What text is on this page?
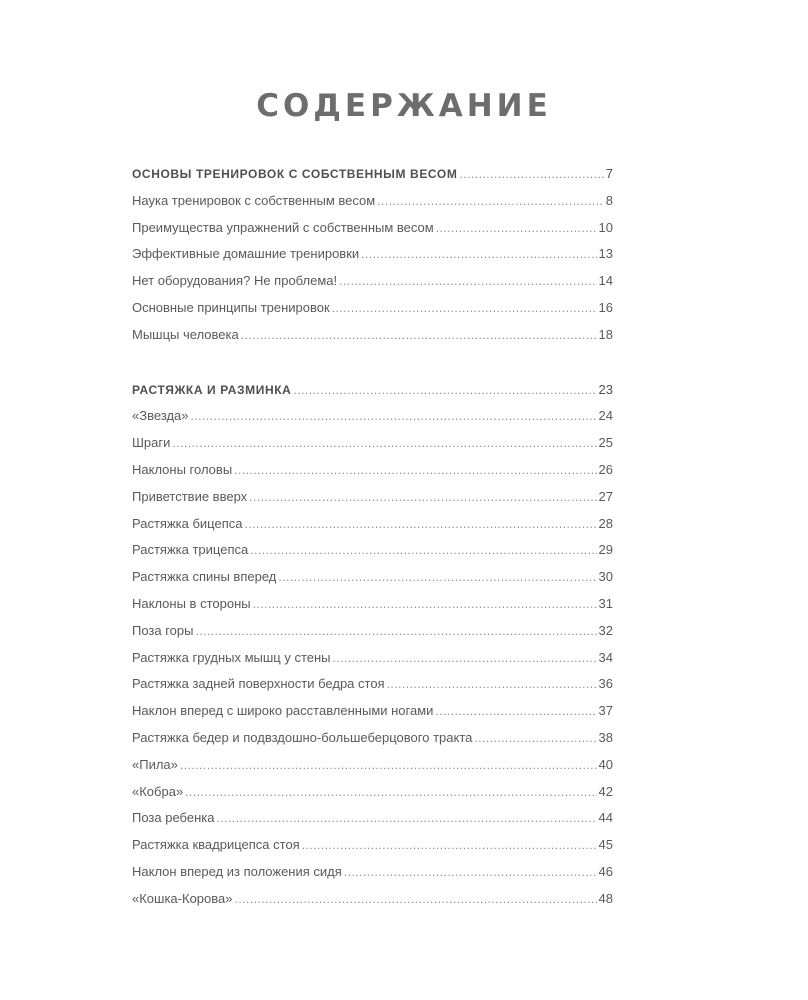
СОДЕРЖАНИЕ
ОСНОВЫ ТРЕНИРОВОК С СОБСТВЕННЫМ ВЕСОМ .....	7
Наука тренировок с собственным весом .....	8
Преимущества упражнений с собственным весом .....	10
Эффективные домашние тренировки .....	13
Нет оборудования? Не проблема! .....	14
Основные принципы тренировок .....	16
Мышцы человека .....	18
РАСТЯЖКА И РАЗМИНКА .....	23
«Звезда» .....	24
Шраги .....	25
Наклоны головы .....	26
Приветствие вверх .....	27
Растяжка бицепса .....	28
Растяжка трицепса .....	29
Растяжка спины вперед .....	30
Наклоны в стороны .....	31
Поза горы .....	32
Растяжка грудных мышц у стены .....	34
Растяжка задней поверхности бедра стоя .....	36
Наклон вперед с широко расставленными ногами .....	37
Растяжка бедер и подвздошно-большеберцового тракта .....	38
«Пила» .....	40
«Кобра» .....	42
Поза ребенка .....	44
Растяжка квадрицепса стоя .....	45
Наклон вперед из положения сидя .....	46
«Кошка-Корова» .....	48
